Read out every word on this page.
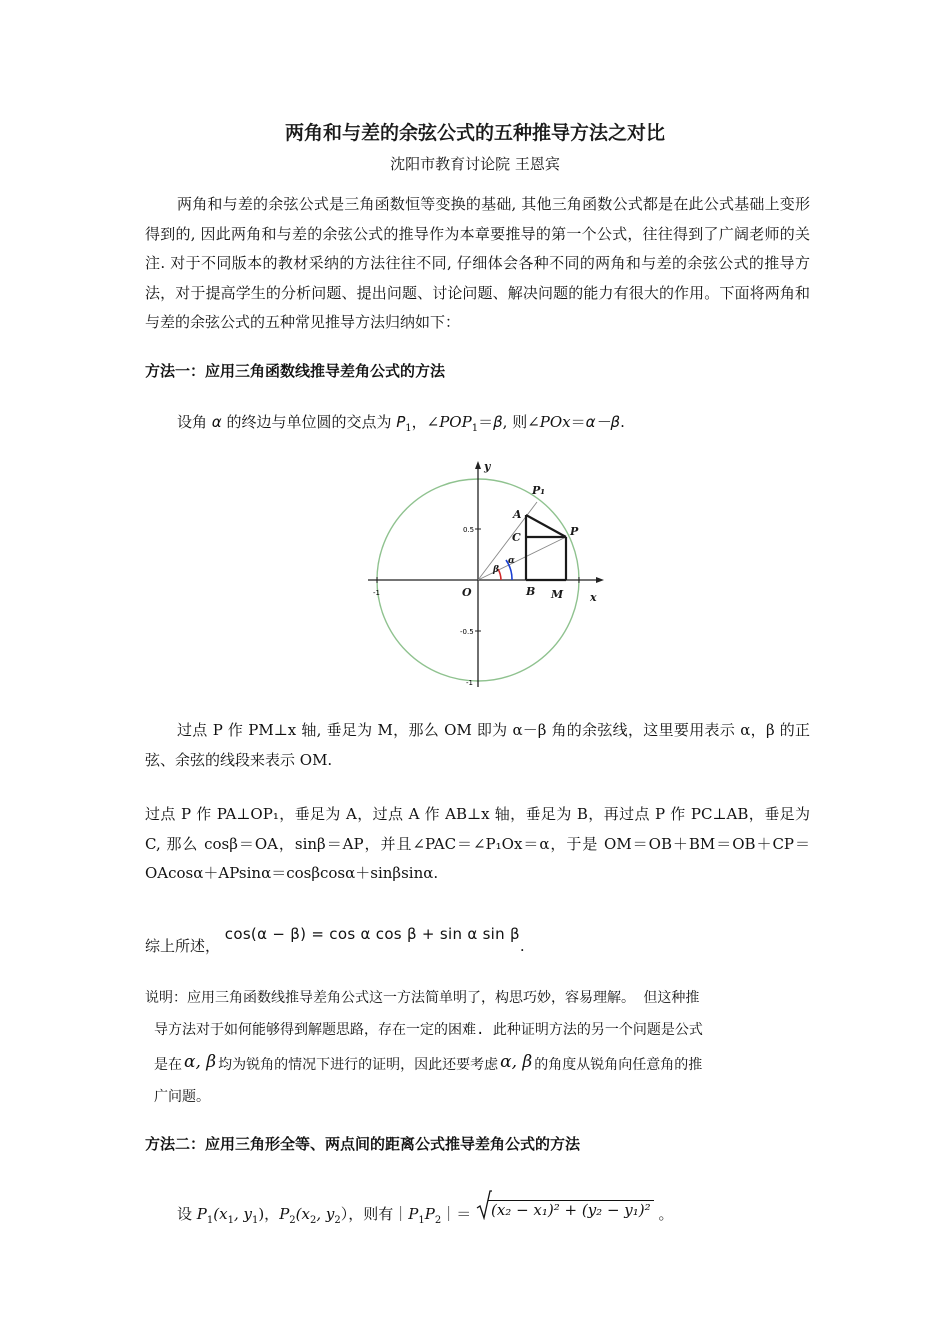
两角和与差的余弦公式的五种推导方法之对比
沈阳市教育讨论院 王恩宾
两角和与差的余弦公式是三角函数恒等变换的基础, 其他三角函数公式都是在此公式基础上变形得到的, 因此两角和与差的余弦公式的推导作为本章要推导的第一个公式，往往得到了广阔老师的关注. 对于不同版本的教材采纳的方法往往不同, 仔细体会各种不同的两角和与差的余弦公式的推导方法，对于提高学生的分析问题、提出问题、讨论问题、解决问题的能力有很大的作用。下面将两角和与差的余弦公式的五种常见推导方法归纳如下：
方法一：应用三角函数线推导差角公式的方法
设角 α 的终边与单位圆的交点为 $P_1$，$\angle POP_1=\beta$, 则∠POx＝α－β.
-1
0.5
-0.5
-1
y
x
O
P₁
A
P
C
B M
α
β
过点 P 作 PM⊥x 轴, 垂足为 M，那么 OM 即为 α－β 角的余弦线，这里要用表示 α，β 的正弦、余弦的线段来表示 OM.
过点 P 作 PA⊥OP₁，垂足为 A，过点 A 作 AB⊥x 轴，垂足为 B，再过点 P 作 PC⊥AB，垂足为 C, 那么 cosβ＝OA，sinβ＝AP，并且∠PAC＝∠P₁Ox＝α，于是 OM＝OB＋BM＝OB＋CP＝OAcosα＋APsinα＝cosβcosα＋sinβsinα.
综上所述， cos(α − β) = cos α cos β + sin α sin β.
说明：应用三角函数线推导差角公式这一方法简单明了，构思巧妙，容易理解。 但这种推
导方法对于如何能够得到解题思路，存在一定的困难. 此种证明方法的另一个问题是公式
是在 α, β 均为锐角的情况下进行的证明，因此还要考虑 α, β 的角度从锐角向任意角的推
广问题。
方法二：应用三角形全等、两点间的距离公式推导差角公式的方法
设 $P_1(x_1$, $y_1$)，$P_2(x_2$, $y_2$），则有$|P_1P_2|= (x_2 - x_1)^2 + (y_2 - y_1)^2$ 。
